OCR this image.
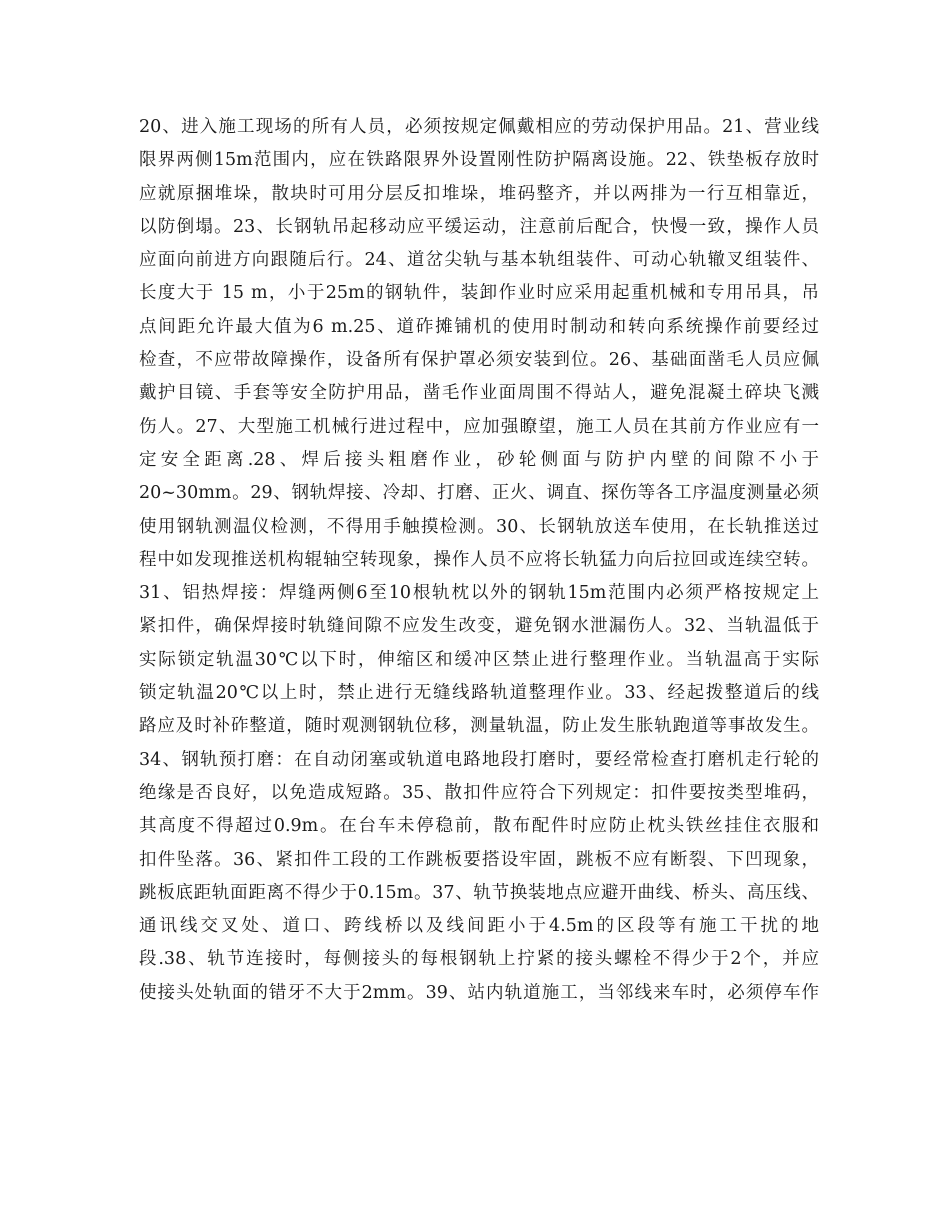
20、进入施工现场的所有人员，必须按规定佩戴相应的劳动保护用品。21、营业线
限界两侧15m范围内，应在铁路限界外设置刚性防护隔离设施。22、铁垫板存放时
应就原捆堆垛，散块时可用分层反扣堆垛，堆码整齐，并以两排为一行互相靠近，
以防倒塌。23、长钢轨吊起移动应平缓运动，注意前后配合，快慢一致，操作人员
应面向前进方向跟随后行。24、道岔尖轨与基本轨组装件、可动心轨辙叉组装件、
长度大于 15 m，小于25m的钢轨件，装卸作业时应采用起重机械和专用吊具，吊
点间距允许最大值为6 m.25、道砟摊铺机的使用时制动和转向系统操作前要经过
检查，不应带故障操作，设备所有保护罩必须安装到位。26、基础面凿毛人员应佩
戴护目镜、手套等安全防护用品，凿毛作业面周围不得站人，避免混凝土碎块飞溅
伤人。27、大型施工机械行进过程中，应加强瞭望，施工人员在其前方作业应有一
定安全距离.28、焊后接头粗磨作业，砂轮侧面与防护内壁的间隙不小于
20~30mm。29、钢轨焊接、冷却、打磨、正火、调直、探伤等各工序温度测量必须
使用钢轨测温仪检测，不得用手触摸检测。30、长钢轨放送车使用，在长轨推送过
程中如发现推送机构辊轴空转现象，操作人员不应将长轨猛力向后拉回或连续空转。
31、铝热焊接：焊缝两侧6至10根轨枕以外的钢轨15m范围内必须严格按规定上
紧扣件，确保焊接时轨缝间隙不应发生改变，避免钢水泄漏伤人。32、当轨温低于
实际锁定轨温30℃以下时，伸缩区和缓冲区禁止进行整理作业。当轨温高于实际
锁定轨温20℃以上时，禁止进行无缝线路轨道整理作业。33、经起拨整道后的线
路应及时补砟整道，随时观测钢轨位移，测量轨温，防止发生胀轨跑道等事故发生。
34、钢轨预打磨：在自动闭塞或轨道电路地段打磨时，要经常检查打磨机走行轮的
绝缘是否良好，以免造成短路。35、散扣件应符合下列规定：扣件要按类型堆码，
其高度不得超过0.9m。在台车未停稳前，散布配件时应防止枕头铁丝挂住衣服和
扣件坠落。36、紧扣件工段的工作跳板要搭设牢固，跳板不应有断裂、下凹现象，
跳板底距轨面距离不得少于0.15m。37、轨节换装地点应避开曲线、桥头、高压线、
通讯线交叉处、道口、跨线桥以及线间距小于4.5m的区段等有施工干扰的地
段.38、轨节连接时，每侧接头的每根钢轨上拧紧的接头螺栓不得少于2个，并应
使接头处轨面的错牙不大于2mm。39、站内轨道施工，当邻线来车时，必须停车作
